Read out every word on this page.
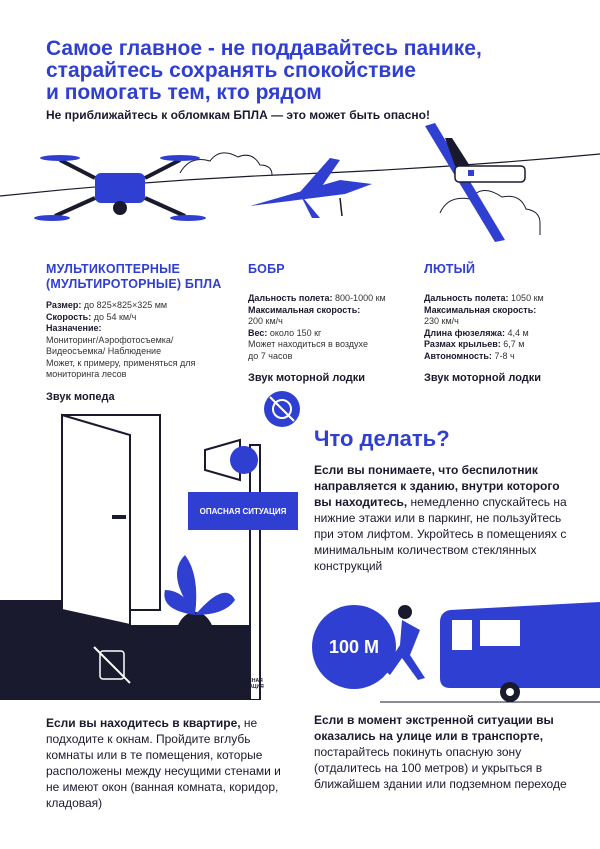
Самое главное - не поддавайтесь панике,
старайтесь сохранять спокойствие
и помогать тем, кто рядом
Не приближайтесь к обломкам БПЛА — это может быть опасно!
МУЛЬТИКОПТЕРНЫЕ (МУЛЬТИРОТОРНЫЕ) БПЛА
Размер: до 825×825×325 мм
Скорость: до 54 км/ч
Назначение:
Мониторинг/Аэрофотосъемка/
Видеосъемка/ Наблюдение
Может, к примеру, применяться для
мониторинга лесов
Звук мопеда
БОБР
Дальность полета: 800-1000 км
Максимальная скорость:
200 км/ч
Вес: около 150 кг
Может находиться в воздухе
до 7 часов
Звук моторной лодки
ЛЮТЫЙ
Дальность полета: 1050 км
Максимальная скорость:
230 км/ч
Длина фюзеляжа: 4,4 м
Размах крыльев: 6,7 м
Автономность: 7-8 ч
Звук моторной лодки
ОПАСНАЯ СИТУАЦИЯ
ОПАСНАЯ СИТУАЦИЯ
Что делать?
Если вы понимаете, что беспилотник направляется к зданию, внутри которого вы находитесь, немедленно спускайтесь на нижние этажи или в паркинг, не пользуйтесь при этом лифтом. Укройтесь в помещениях с минимальным количеством стеклянных конструкций
100 М
Если вы находитесь в квартире, не подходите к окнам. Пройдите вглубь комнаты или в те помещения, которые расположены между несущими стенами и не имеют окон (ванная комната, коридор, кладовая)
Если в момент экстренной ситуации вы оказались на улице или в транспорте, постарайтесь покинуть опасную зону (отдалитесь на 100 метров) и укрыться в ближайшем здании или подземном переходе
